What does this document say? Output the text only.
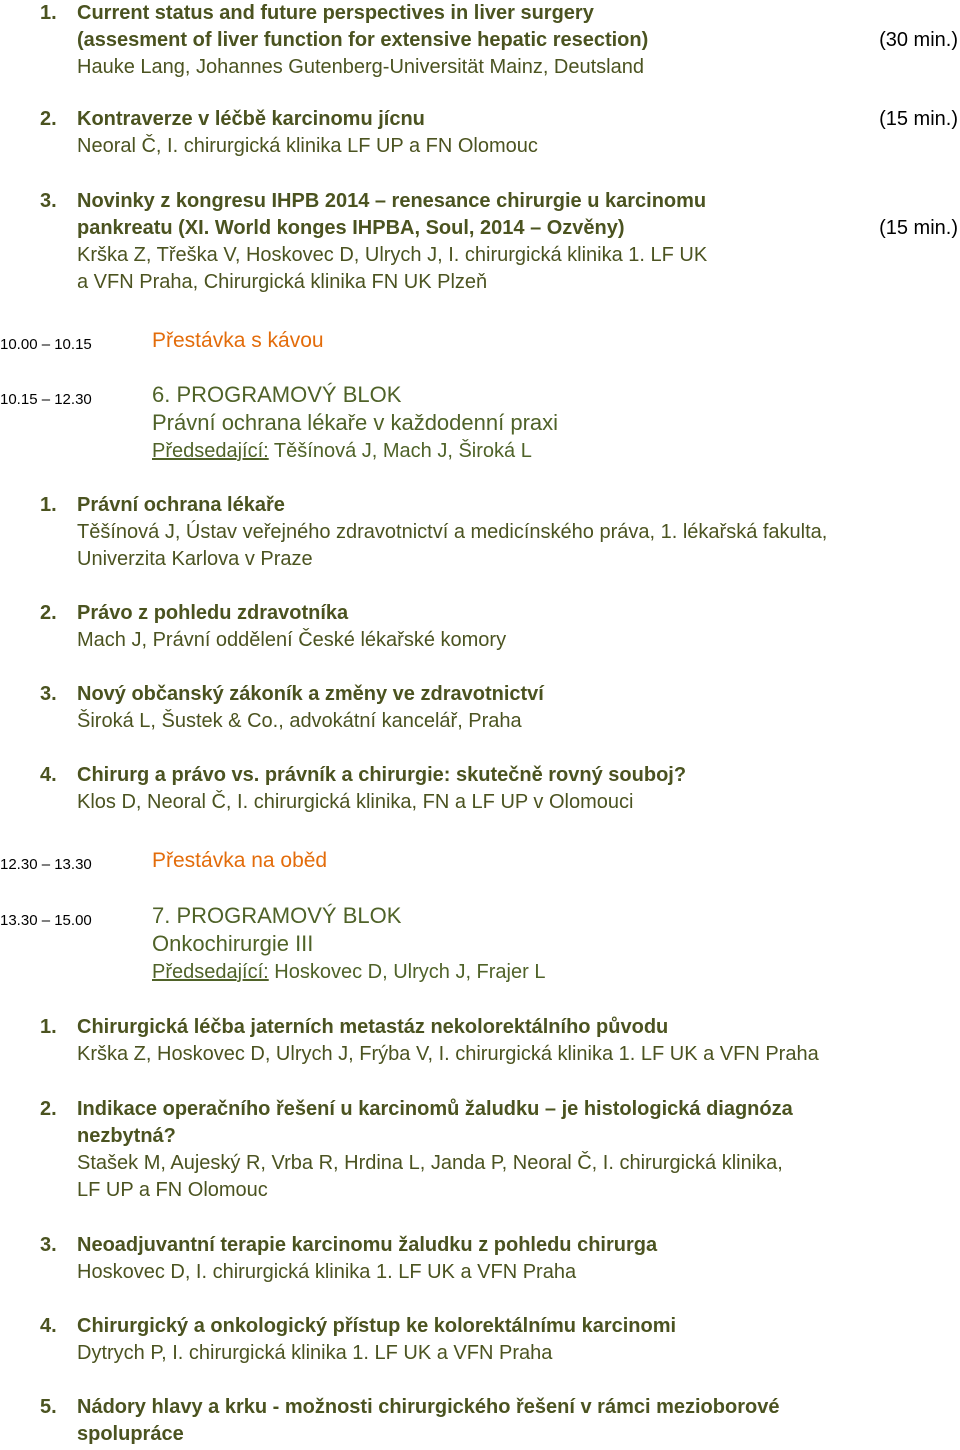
1. Current status and future perspectives in liver surgery
(assesment of liver function for extensive hepatic resection)
Hauke Lang, Johannes Gutenberg-Universität Mainz, Deutsland
(30 min.)
2. Kontraverze v léčbě karcinomu jícnu
Neoral Č, I. chirurgická klinika LF UP a FN Olomouc
(15 min.)
3. Novinky z kongresu IHPB 2014 – renesance chirurgie u karcinomu
pankreatu (XI. World konges IHPBA, Soul, 2014 – Ozvěny)
Krška Z, Třeška V, Hoskovec D, Ulrych J, I. chirurgická klinika 1. LF UK
a VFN Praha, Chirurgická klinika FN UK Plzeň
(15 min.)
10.00 – 10.15	Přestávka s kávou
10.15 – 12.30	6. PROGRAMOVÝ BLOK
Právní ochrana lékaře v každodenní praxi
Předsedající: Těšínová J, Mach J, Široká L
1. Právní ochrana lékaře
Těšínová J, Ústav veřejného zdravotnictví a medicínského práva, 1. lékařská fakulta,
Univerzita Karlova v Praze
2. Právo z pohledu zdravotníka
Mach J, Právní oddělení České lékařské komory
3. Nový občanský zákoník a změny ve zdravotnictví
Široká L, Šustek & Co., advokátní kancelář, Praha
4. Chirurg a právo vs. právník a chirurgie: skutečně rovný souboj?
Klos D, Neoral Č, I. chirurgická klinika, FN a LF UP v Olomouci
12.30 – 13.30	Přestávka na oběd
13.30 – 15.00	7. PROGRAMOVÝ BLOK
Onkochirurgie III
Předsedající: Hoskovec D, Ulrych J, Frajer L
1. Chirurgická léčba jaterních metastáz nekolorektálního původu
Krška Z, Hoskovec D, Ulrych J, Frýba V, I. chirurgická klinika 1. LF UK a VFN Praha
2. Indikace operačního řešení u karcinomů žaludku – je histologická diagnóza
nezbytná?
Stašek M, Aujeský R, Vrba R, Hrdina L, Janda P, Neoral Č, I. chirurgická klinika,
LF UP a FN Olomouc
3. Neoadjuvantní terapie karcinomu žaludku z pohledu chirurga
Hoskovec D, I. chirurgická klinika 1. LF UK a VFN Praha
4. Chirurgický a onkologický přístup ke kolorektálnímu karcinomi
Dytrych P, I. chirurgická klinika 1. LF UK a VFN Praha
5. Nádory hlavy a krku - možnosti chirurgického řešení v rámci mezioborové
spolupráce
